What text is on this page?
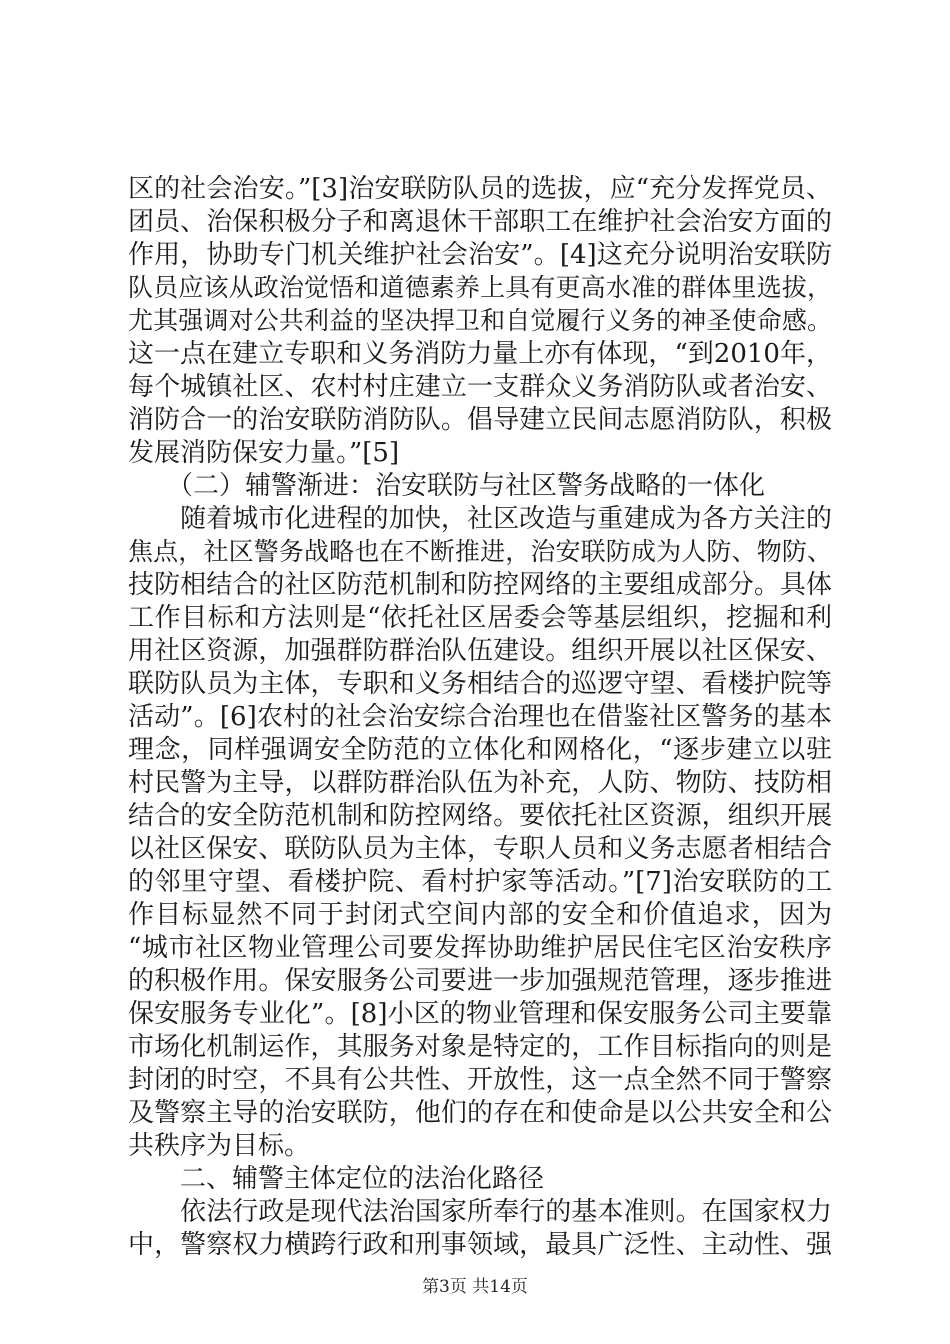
区的社会治安。”[3]治安联防队员的选拔，应“充分发挥党员、
团员、治保积极分子和离退休干部职工在维护社会治安方面的
作用，协助专门机关维护社会治安”。[4]这充分说明治安联防
队员应该从政治觉悟和道德素养上具有更高水准的群体里选拔，
尤其强调对公共利益的坚决捍卫和自觉履行义务的神圣使命感。
这一点在建立专职和义务消防力量上亦有体现，“到2010年，
每个城镇社区、农村村庄建立一支群众义务消防队或者治安、
消防合一的治安联防消防队。倡导建立民间志愿消防队，积极
发展消防保安力量。”[5]
　　（二）辅警渐进：治安联防与社区警务战略的一体化
　　随着城市化进程的加快，社区改造与重建成为各方关注的
焦点，社区警务战略也在不断推进，治安联防成为人防、物防、
技防相结合的社区防范机制和防控网络的主要组成部分。具体
工作目标和方法则是“依托社区居委会等基层组织，挖掘和利
用社区资源，加强群防群治队伍建设。组织开展以社区保安、
联防队员为主体，专职和义务相结合的巡逻守望、看楼护院等
活动”。[6]农村的社会治安综合治理也在借鉴社区警务的基本
理念，同样强调安全防范的立体化和网格化，“逐步建立以驻
村民警为主导，以群防群治队伍为补充，人防、物防、技防相
结合的安全防范机制和防控网络。要依托社区资源，组织开展
以社区保安、联防队员为主体，专职人员和义务志愿者相结合
的邻里守望、看楼护院、看村护家等活动。”[7]治安联防的工
作目标显然不同于封闭式空间内部的安全和价值追求，因为
“城市社区物业管理公司要发挥协助维护居民住宅区治安秩序
的积极作用。保安服务公司要进一步加强规范管理，逐步推进
保安服务专业化”。[8]小区的物业管理和保安服务公司主要靠
市场化机制运作，其服务对象是特定的，工作目标指向的则是
封闭的时空，不具有公共性、开放性，这一点全然不同于警察
及警察主导的治安联防，他们的存在和使命是以公共安全和公
共秩序为目标。
　　二、辅警主体定位的法治化路径
　　依法行政是现代法治国家所奉行的基本准则。在国家权力
中，警察权力横跨行政和刑事领域，最具广泛性、主动性、强
第3页 共14页
